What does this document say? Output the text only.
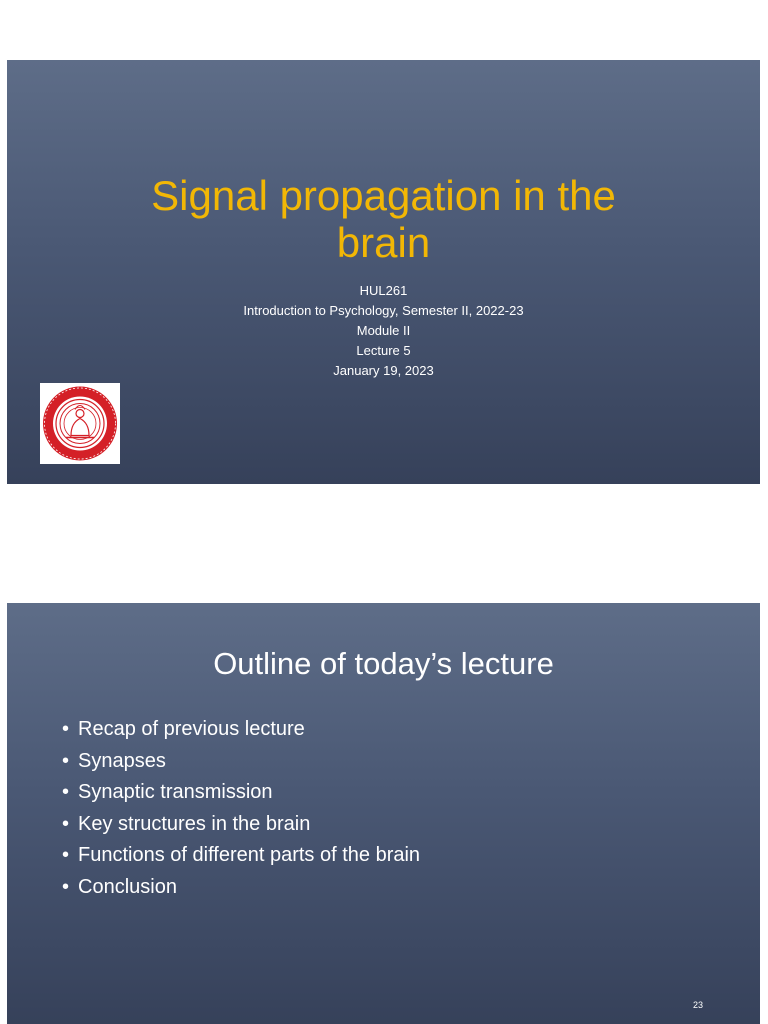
Signal propagation in the
brain
HUL261
Introduction to Psychology, Semester II, 2022-23
Module II
Lecture 5
January 19, 2023
Outline of today’s lecture
• Recap of previous lecture
• Synapses
• Synaptic transmission
• Key structures in the brain
• Functions of different parts of the brain
• Conclusion
23
